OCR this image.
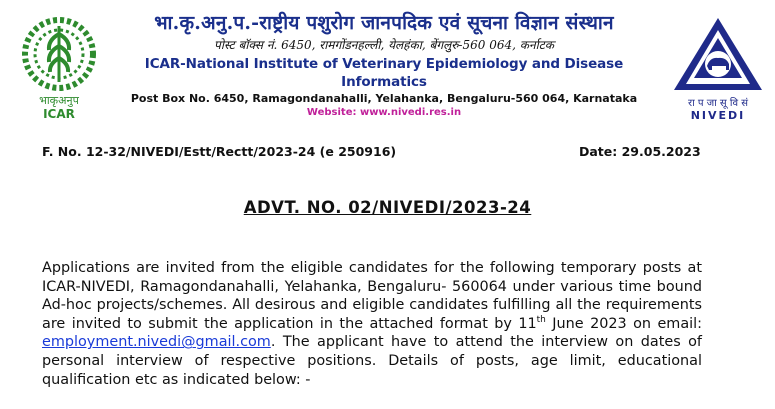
भाकृअनुप
ICAR
भा.कृ.अनु.प.-राष्ट्रीय पशुरोग जानपदिक एवं सूचना विज्ञान संस्थान
पोस्ट बॉक्स नं. 6450, रामगोंडनहल्ली, येलहंका, बेंगलुरु-560 064, कर्नाटक
ICAR-National Institute of Veterinary Epidemiology and Disease Informatics
Post Box No. 6450, Ramagondanahalli, Yelahanka, Bengaluru-560 064, Karnataka
Website: www.nivedi.res.in
रा प जा सू वि सं
NIVEDI
F. No. 12-32/NIVEDI/Estt/Rectt/2023-24 (e 250916)	Date: 29.05.2023
ADVT. NO. 02/NIVEDI/2023-24
Applications are invited from the eligible candidates for the following temporary posts at ICAR-NIVEDI, Ramagondanahalli, Yelahanka, Bengaluru- 560064 under various time bound Ad-hoc projects/schemes. All desirous and eligible candidates fulfilling all the requirements are invited to submit the application in the attached format by 11th June 2023 on email: employment.nivedi@gmail.com. The applicant have to attend the interview on dates of personal interview of respective positions. Details of posts, age limit, educational qualification etc as indicated below: -
